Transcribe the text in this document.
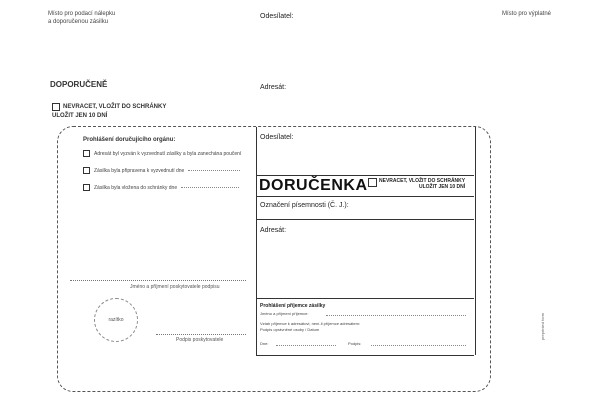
Místo pro podací nálepku
a doporučenou zásilku
Odesílatel:	Místo pro výplatné
DOPORUČENĚ	Adresát:
NEVRACET, VLOŽIT DO SCHRÁNKY
ULOŽIT JEN 10 DNÍ
Prohlášení doručujícího orgánu:
Adresát byl vyzván k vyzvednutí zásilky a byla zanechána poučení
Zásilka byla připravena k vyzvednutí dne
Zásilka byla vložena do schránky dne
Jméno a příjmení poskytovatele podpisu
razítko
Podpis poskytovatele
Odesílatel:
DORUČENKA NEVRACET, VLOŽIT DO SCHRÁNKY
ULOŽIT JEN 10 DNÍ
Označení písemnosti (Č. J.):
Adresát:
Prohlášení příjemce zásilky
Jméno a příjmení příjemce:
Vztah příjemce k adresátovi, není-li příjemce adresátem:
Podpis oprávněné osoby / Datum
Dne:	Podpis:
preprinted form
